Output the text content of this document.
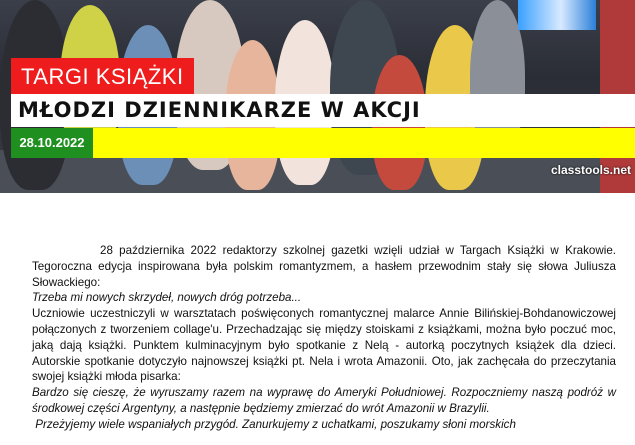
TARGI KSIĄŻKI
MŁODZI DZIENNIKARZE W AKCJI
28.10.2022
classtools.net

28 października 2022 redaktorzy szkolnej gazetki wzięli udział w Targach Książki w Krakowie. Tegoroczna edycja inspirowana była polskim romantyzmem, a hasłem przewodnim stały się słowa Juliusza Słowackiego:

Trzeba mi nowych skrzydeł, nowych dróg potrzeba...

Uczniowie uczestniczyli w warsztatach poświęconych romantycznej malarce Annie Bilińskiej-Bohdanowiczowej połączonych z tworzeniem collage'u. Przechadzając się między stoiskami z książkami, można było poczuć moc, jaką dają książki. Punktem kulminacyjnym było spotkanie z Nelą - autorką poczytnych książek dla dzieci. Autorskie spotkanie dotyczyło najnowszej książki pt. Nela i wrota Amazonii. Oto, jak zachęcała do przeczytania swojej książki młoda pisarka:

Bardzo się cieszę, że wyruszamy razem na wyprawę do Ameryki Południowej. Rozpoczniemy naszą podróż w środkowej części Argentyny, a następnie będziemy zmierzać do wrót Amazonii w Brazylii.

Przeżyjemy wiele wspaniałych przygód. Zanurkujemy z uchatkami, poszukamy słoni morskich
